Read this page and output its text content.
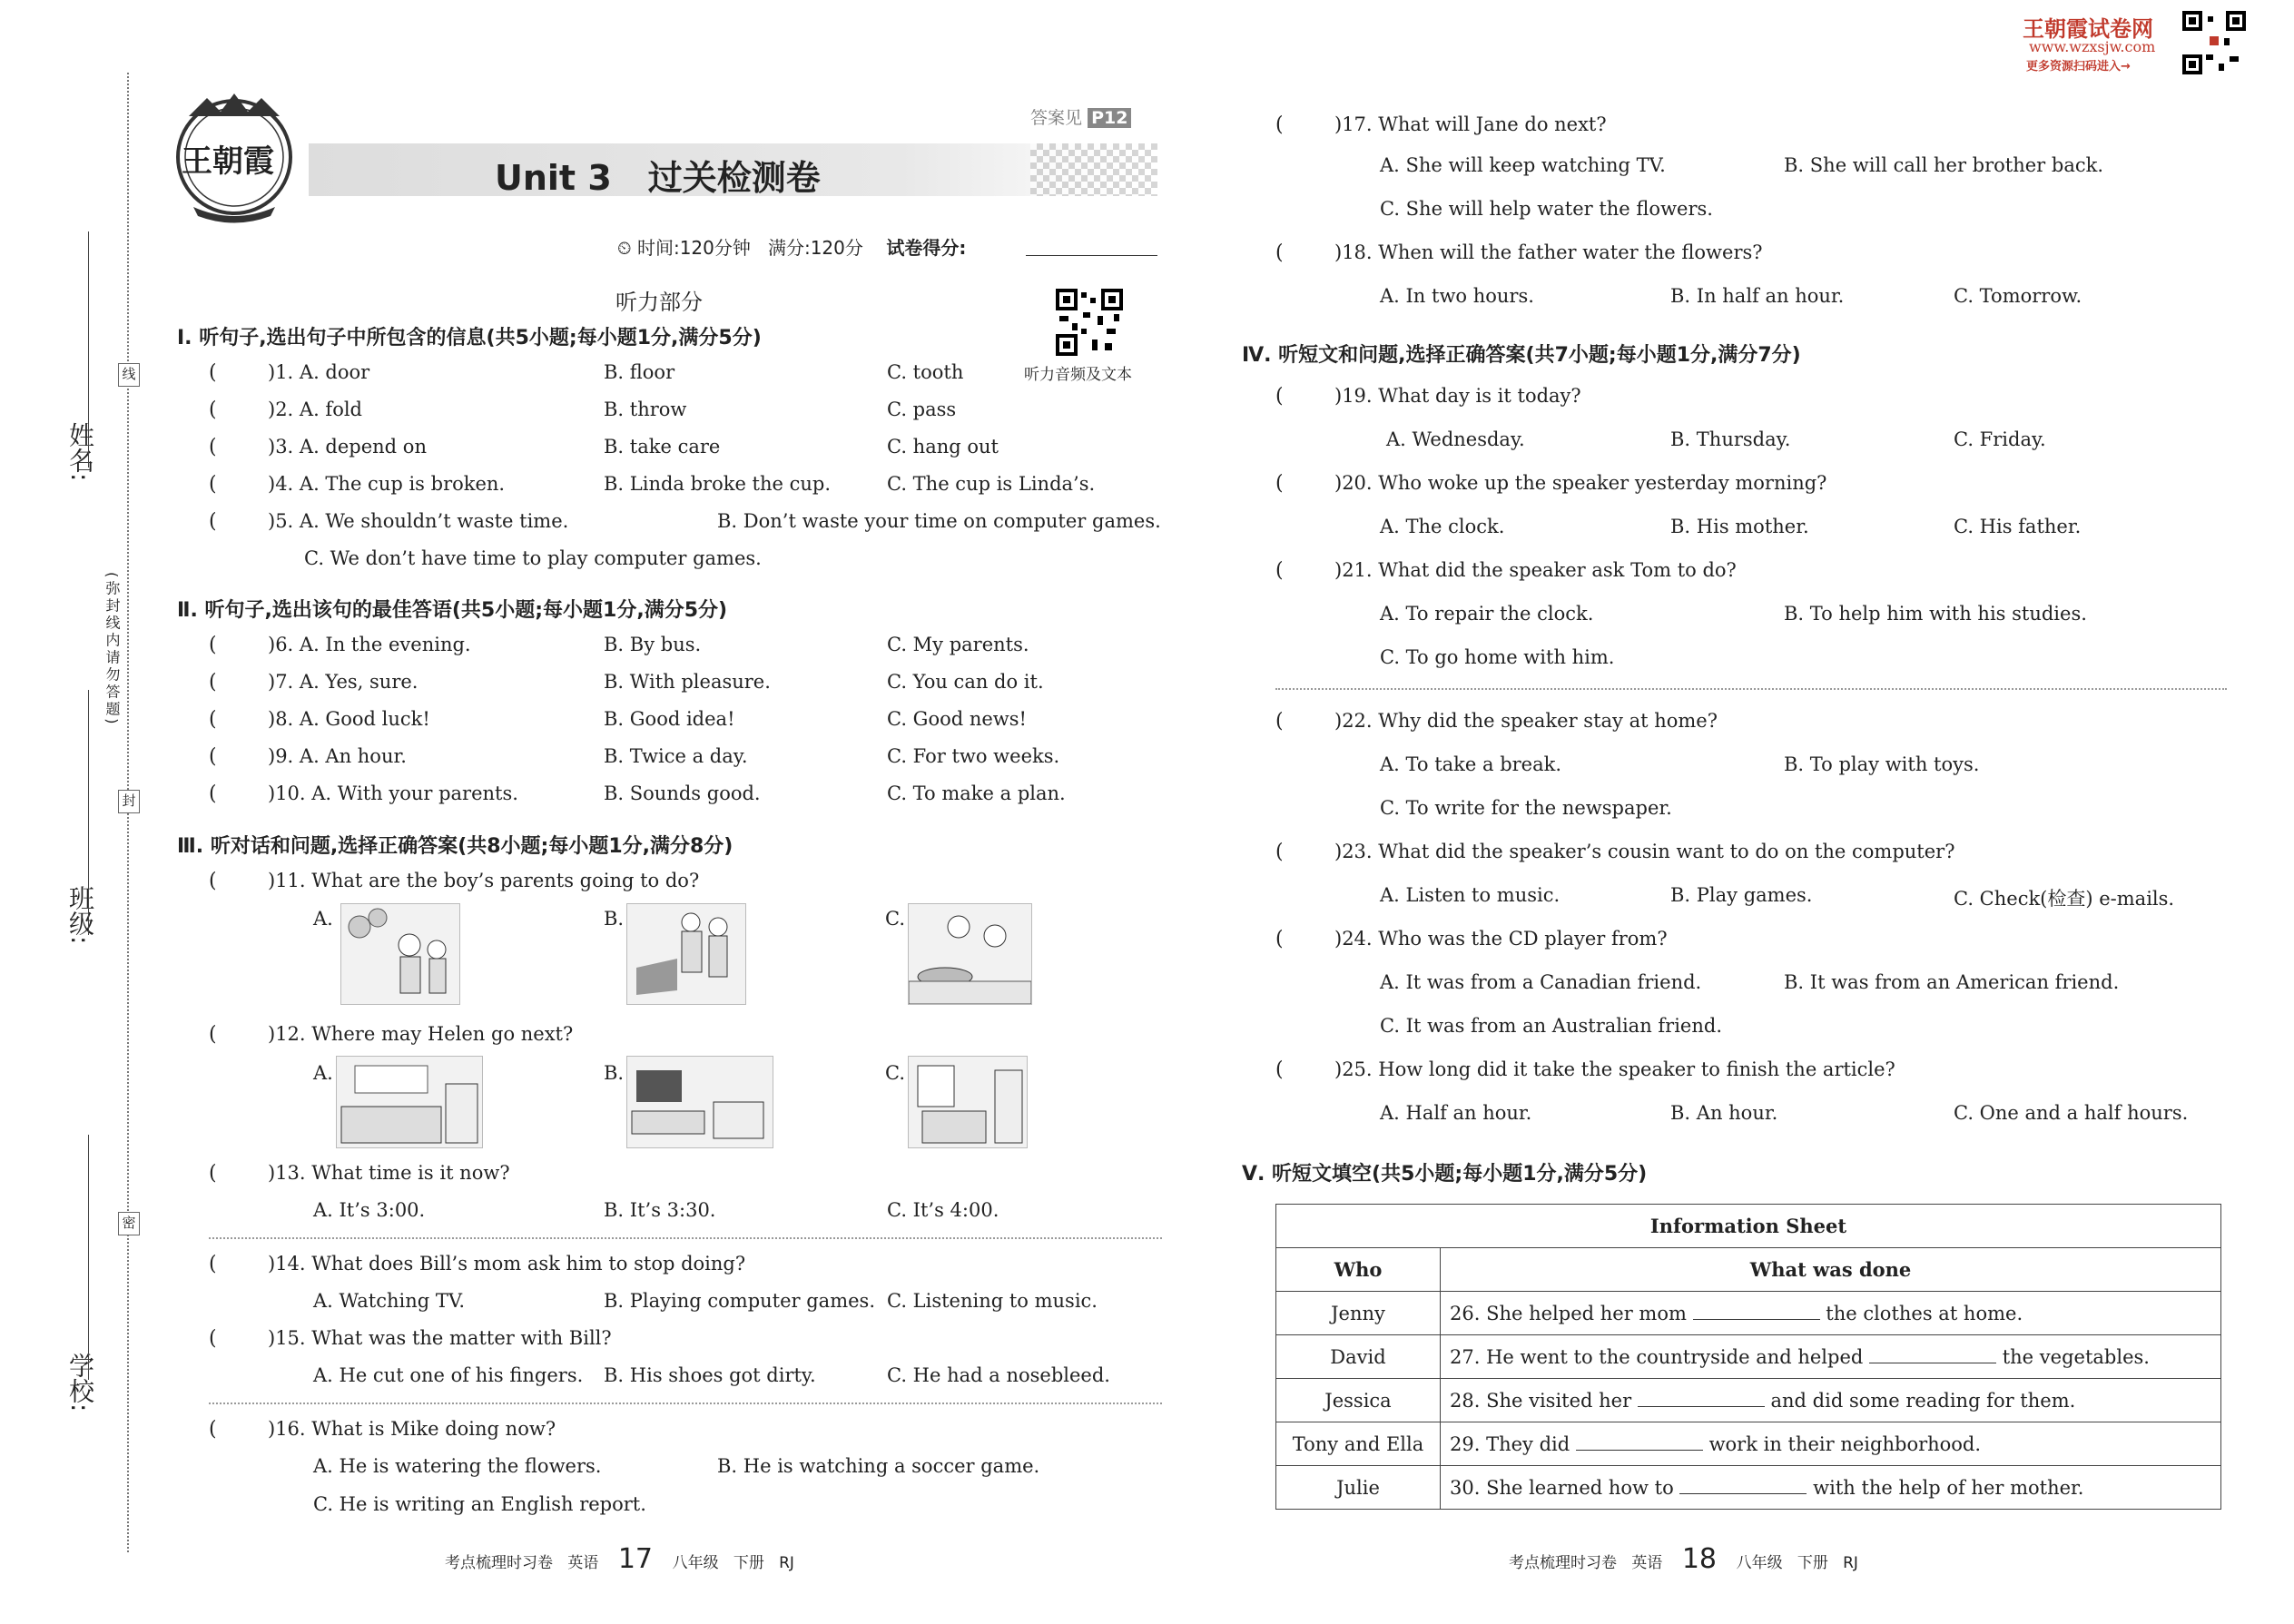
姓名:
班级:
学校:
(弥封线内请勿答题)
线
封
密
王朝霞	Unit 3 过关检测卷
答案见 P12
⏲ 时间:120分钟 满分:120分 试卷得分:
听力部分
听力音频及文本
Ⅰ. 听句子,选出句子中所包含的信息(共5小题;每小题1分,满分5分)
(	)1. A. door	B. floor	C. tooth
(	)2. A. fold	B. throw	C. pass
(	)3. A. depend on	B. take care	C. hang out
(	)4. A. The cup is broken.	B. Linda broke the cup.	C. The cup is Linda’s.
(	)5. A. We shouldn’t waste time.	B. Don’t waste your time on computer games.
C. We don’t have time to play computer games.
Ⅱ. 听句子,选出该句的最佳答语(共5小题;每小题1分,满分5分)
(	)6. A. In the evening.	B. By bus.	C. My parents.
(	)7. A. Yes, sure.	B. With pleasure.	C. You can do it.
(	)8. A. Good luck!	B. Good idea!	C. Good news!
(	)9. A. An hour.	B. Twice a day.	C. For two weeks.
(	)10. A. With your parents.	B. Sounds good.	C. To make a plan.
Ⅲ. 听对话和问题,选择正确答案(共8小题;每小题1分,满分8分)
(	)11. What are the boy’s parents going to do?
A.	B.	C.
(	)12. Where may Helen go next?
A.	B.	C.
(	)13. What time is it now?
A. It’s 3:00.	B. It’s 3:30.	C. It’s 4:00.
(	)14. What does Bill’s mom ask him to stop doing?
A. Watching TV.	B. Playing computer games. C. Listening to music.
(	)15. What was the matter with Bill?
A. He cut one of his fingers. B. His shoes got dirty.	C. He had a nosebleed.
(	)16. What is Mike doing now?
A. He is watering the flowers.	B. He is watching a soccer game.
C. He is writing an English report.
考点梳理时习卷 英语 17 八年级 下册 RJ
王朝霞试卷网
www.wzxsjw.com
更多资源扫码进入→
(	)17. What will Jane do next?
A. She will keep watching TV.	B. She will call her brother back.
C. She will help water the flowers.
(	)18. When will the father water the flowers?
A. In two hours.	B. In half an hour.	C. Tomorrow.
Ⅳ. 听短文和问题,选择正确答案(共7小题;每小题1分,满分7分)
(	)19. What day is it today?
A. Wednesday.	B. Thursday.	C. Friday.
(	)20. Who woke up the speaker yesterday morning?
A. The clock.	B. His mother.	C. His father.
(	)21. What did the speaker ask Tom to do?
A. To repair the clock.	B. To help him with his studies.
C. To go home with him.
(	)22. Why did the speaker stay at home?
A. To take a break.	B. To play with toys.
C. To write for the newspaper.
(	)23. What did the speaker’s cousin want to do on the computer?
A. Listen to music.	B. Play games.	C. Check(检查) e-mails.
(	)24. Who was the CD player from?
A. It was from a Canadian friend.	B. It was from an American friend.
C. It was from an Australian friend.
(	)25. How long did it take the speaker to finish the article?
A. Half an hour.	B. An hour.	C. One and a half hours.
Ⅴ. 听短文填空(共5小题;每小题1分,满分5分)
Information Sheet	
Who	What was done
Jenny	26. She helped her mom the clothes at home.
David	27. He went to the countryside and helped the vegetables.
Jessica	28. She visited her and did some reading for them.
Tony and Ella	29. They did work in their neighborhood.
Julie	30. She learned how to with the help of her mother.
考点梳理时习卷 英语 18 八年级 下册 RJ
